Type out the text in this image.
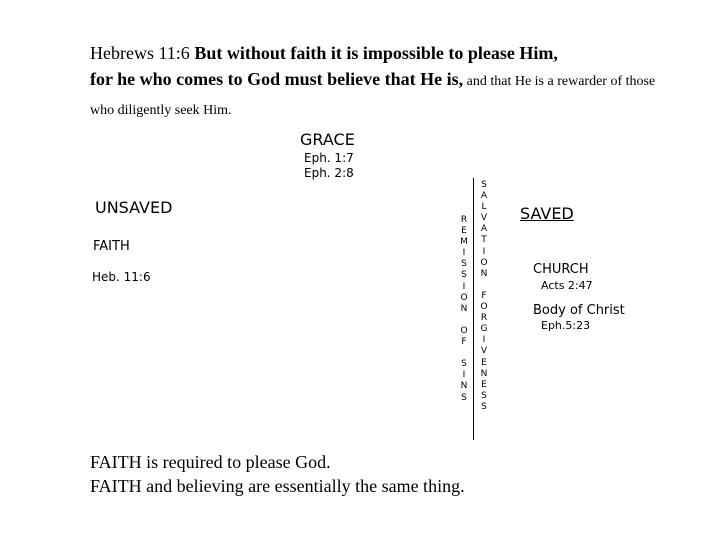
Hebrews 11:6 But without faith it is impossible to please Him,
for he who comes to God must believe that He is, and that He is a rewarder of those who diligently seek Him.
GRACE
Eph. 1:7
Eph. 2:8
UNSAVED
FAITH
Heb. 11:6
R
E
M
I
S
S
I
O
N

O
F

S
I
N
S
S
A
L
V
A
T
I
O
N

F
O
R
G
I
V
E
N
E
S
S
SAVED
CHURCH
Acts 2:47
Body of Christ
Eph.5:23
FAITH is required to please God.
FAITH and believing are essentially the same thing.
